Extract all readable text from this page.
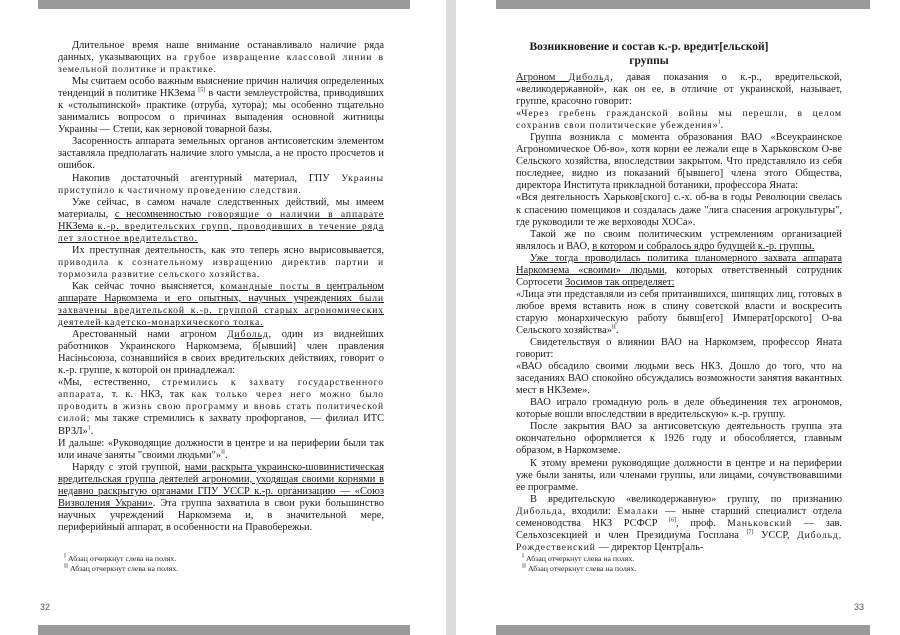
Длительное время наше внимание останавливало наличие ряда данных, указывающих на грубое извращение классовой линии в земельной политике и практике.

Мы считаем особо важным выяснение причин наличия определенных тенденций в политике НКЗема [5] в части землеустройства, приводивших к «столыпинской» практике (отруба, хутора); мы особенно тщательно занимались вопросом о причинах выпадения основной житницы Украины — Степи, как зерновой товарной базы.

Засоренность аппарата земельных органов антисоветским элементом заставляла предполагать наличие злого умысла, а не просто просчетов и ошибок.

Накопив достаточный агентурный материал, ГПУ Украины приступило к частичному проведению следствия.

Уже сейчас, в самом начале следственных действий, мы имеем материалы, с несомненностью говорящие о наличии в аппарате НКЗема к.-р. вредительских групп, проводивших в течение ряда лет злостное вредительство.

Их преступная деятельность, как это теперь ясно вырисовывается, приводила к сознательному извращению директив партии и тормозила развитие сельского хозяйства.

Как сейчас точно выясняется, командные посты в центральном аппарате Наркомзема и его опытных, научных учреждениях были захвачены вредительской к.-р. группой старых агрономических деятелей кадетско-монархического толка.

Арестованный нами агроном Дибольд, один из виднейших работников Украинского Наркомзема, б[ывший] член правления Насіньсоюза, сознавшийся в своих вредительских действиях, говорит о к.-р. группе, к которой он принадлежал:

«Мы, естественно, стремились к захвату государственного аппарата, т. к. НКЗ, так как только через него можно было проводить в жизнь свою программу и вновь стать политической силой; мы также стремились к захвату профорганов, — филиал ИТС ВРЗЛ»$^1$.

И дальше: «Руководящие должности в центре и на периферии были так или иначе заняты "своими людьми"»$^{II}$.

Наряду с этой группой, нами раскрыта украинско-шовинистическая вредительская группа деятелей агрономии, уходящая своими корнями в недавно раскрытую органами ГПУ УССР к.-р. организацию — «Союз Визволения Украни». Эта группа захватила в свои руки большинство научных учреждений Наркомзема и, в значительной мере, периферийный аппарат, в особенности на Правобережьи.

$^I$ Абзац отчеркнут слева на полях.
$^{II}$ Абзац отчеркнут слева на полях.
32
Возникновение и состав к.-р. вредит[ельской] группы

Агроном Дибольд, давая показания о к.-р., вредительской, «великодержавной», как он ее, в отличие от украинской, называет, группе, красочно говорит:

«Через гребень гражданской войны мы перешли, в целом сохранив свои политические убеждения»$^1$.

Группа возникла с момента образования ВАО «Всеукраинское Агрономическое Об-во», хотя корни ее лежали еще в Харьковском О-ве Сельского хозяйства, впоследствии закрытом. Что представляло из себя последнее, видно из показаний б[ывшего] члена этого Общества, директора Института прикладной ботаники, профессора Яната:

«Вся деятельность Харьков[ского] с.-х. об-ва в годы Революции свелась к спасению помещиков и создалась даже "лига спасения агрокультуры", где руководили те же верховоды ХОСа».

Такой же по своим политическим устремлениям организацией являлось и ВАО, в котором и собралось ядро будущей к.-р. группы.

Уже тогда проводилась политика планомерного захвата аппарата Наркомзема «своими» людьми, которых ответственный сотрудник Сортосети Зосимов так определяет:

«Лица эти представляли из себя притаившихся, шипящих лиц, готовых в любое время вставить нож в спину советской власти и воскресить старую монархическую работу бывш[его] Императ[орского] О-ва Сельского хозяйства»$^{II}$.

Свидетельствуя о влиянии ВАО на Наркомзем, профессор Яната говорит:

«ВАО обсадило своими людьми весь НКЗ. Дошло до того, что на заседаниях ВАО спокойно обсуждались возможности занятия вакантных мест в НКЗеме».

ВАО играло громадную роль в деле объединения тех агрономов, которые вошли впоследствии в вредительскую» к.-р. группу.

После закрытия ВАО за антисоветскую деятельность группа эта окончательно оформляется к 1926 году и обособляется, главным образом, в Наркомземе.

К этому времени руководящие должности в центре и на периферии уже были заняты, или членами группы, или лицами, сочувствовавшими ее программе.

В вредительскую «великодержавную» группу, по признанию Дибольда, входили: Емалаки — ныне старший специалист отдела семеноводства НКЗ РСФСР [6], проф. Маньковский — зав. Сельхозсекцией и член Президиума Госплана [7] УССР, Дибольд, Рождественский — директор Центр[аль-

$^I$ Абзац отчеркнут слева на полях.
$^{II}$ Абзац отчеркнут слева на полях.
33
